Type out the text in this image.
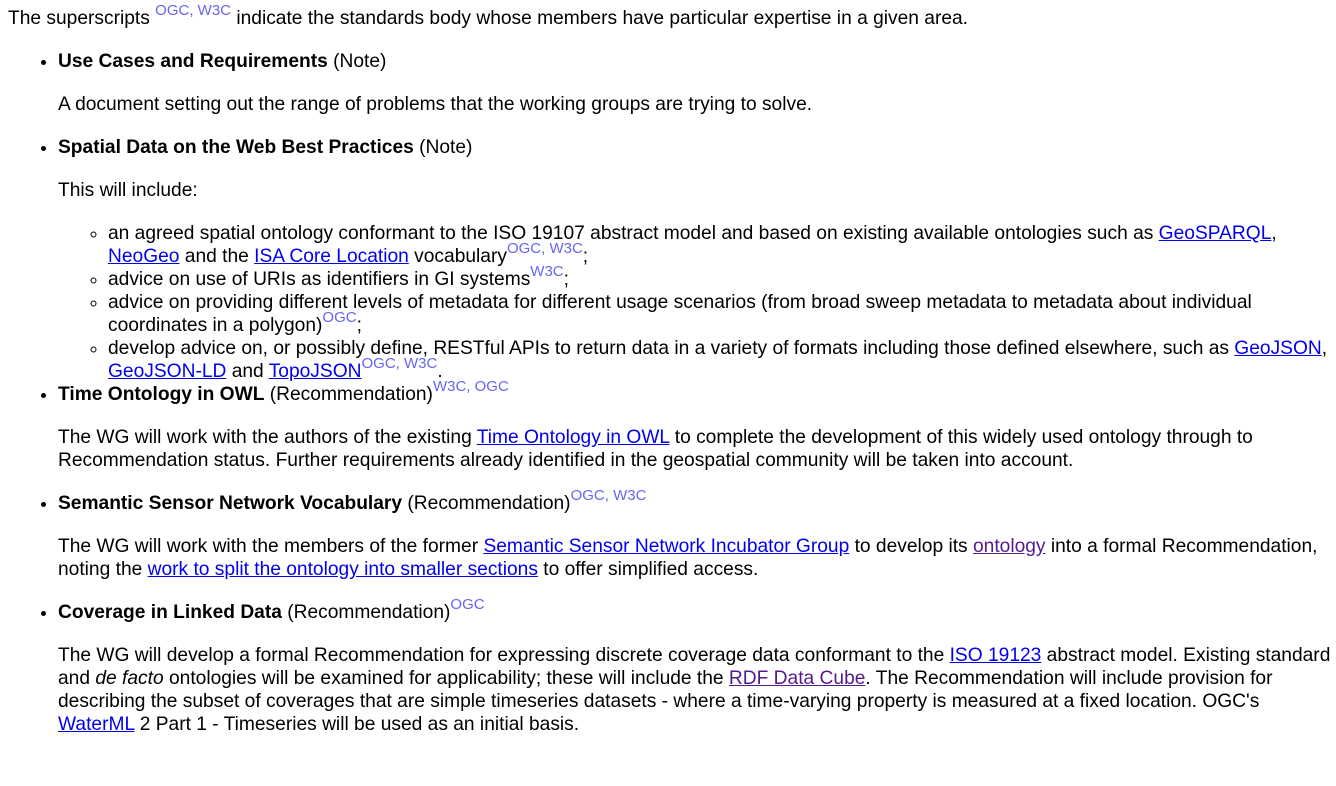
The superscripts $^{OGC, W3C}$ indicate the standards body whose members have particular expertise in a given area.

• Use Cases and Requirements (Note)

A document setting out the range of problems that the working groups are trying to solve.

• Spatial Data on the Web Best Practices (Note)

This will include:

◦ an agreed spatial ontology conformant to the ISO 19107 abstract model and based on existing available ontologies such as GeoSPARQL, NeoGeo and the ISA Core Location vocabulary$^{OGC, W3C}$;
◦ advice on use of URIs as identifiers in GI systems$^{W3C}$;
◦ advice on providing different levels of metadata for different usage scenarios (from broad sweep metadata to metadata about individual coordinates in a polygon)$^{OGC}$;
◦ develop advice on, or possibly define, RESTful APIs to return data in a variety of formats including those defined elsewhere, such as GeoJSON, GeoJSON-LD and TopoJSON$^{OGC, W3C}$.
• Time Ontology in OWL (Recommendation)$^{W3C, OGC}$

The WG will work with the authors of the existing Time Ontology in OWL to complete the development of this widely used ontology through to Recommendation status. Further requirements already identified in the geospatial community will be taken into account.

• Semantic Sensor Network Vocabulary (Recommendation)$^{OGC, W3C}$

The WG will work with the members of the former Semantic Sensor Network Incubator Group to develop its ontology into a formal Recommendation, noting the work to split the ontology into smaller sections to offer simplified access.

• Coverage in Linked Data (Recommendation)$^{OGC}$

The WG will develop a formal Recommendation for expressing discrete coverage data conformant to the ISO 19123 abstract model. Existing standard and de facto ontologies will be examined for applicability; these will include the RDF Data Cube. The Recommendation will include provision for describing the subset of coverages that are simple timeseries datasets - where a time-varying property is measured at a fixed location. OGC's WaterML 2 Part 1 - Timeseries will be used as an initial basis.
